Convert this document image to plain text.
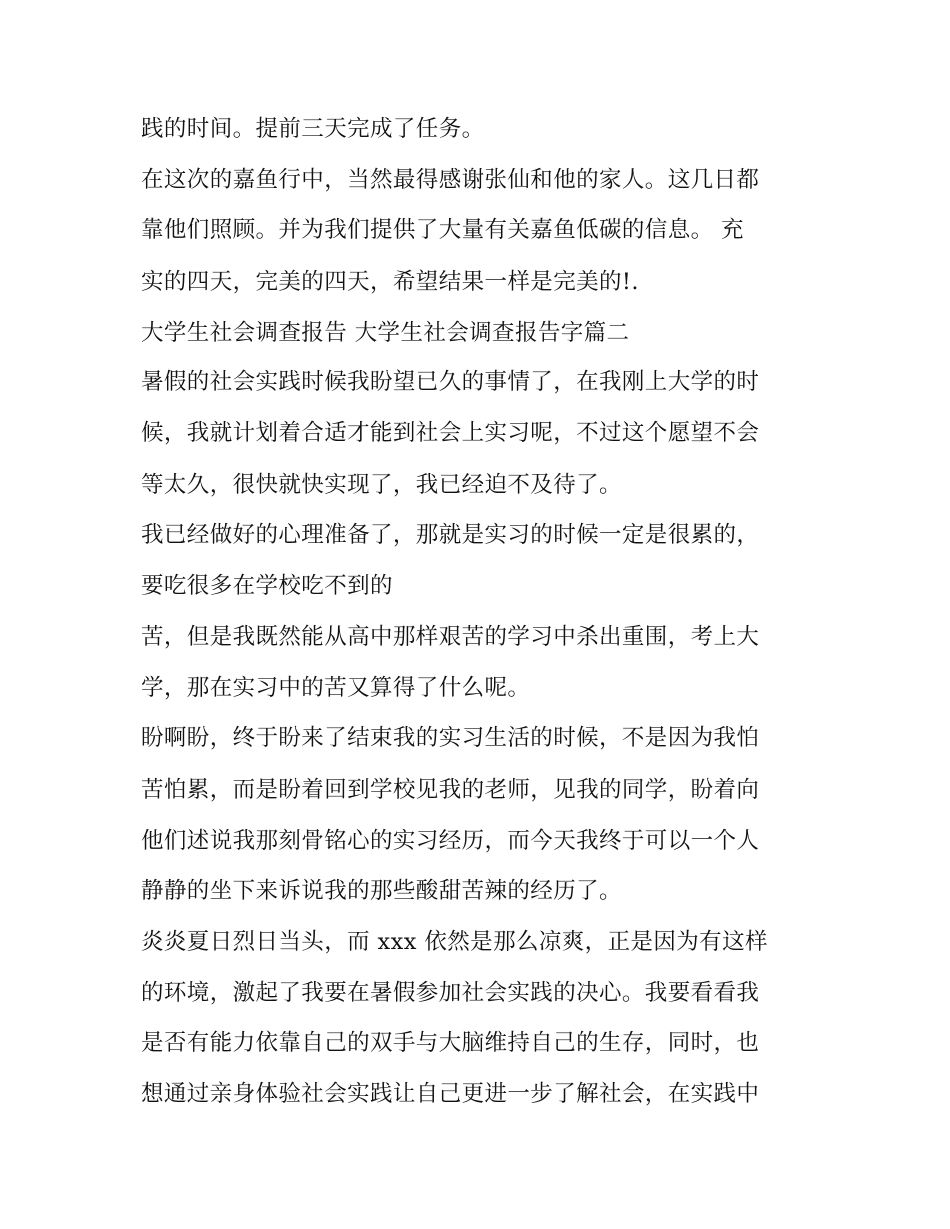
践的时间。提前三天完成了任务。
在这次的嘉鱼行中，当然最得感谢张仙和他的家人。这几日都
靠他们照顾。并为我们提供了大量有关嘉鱼低碳的信息。 充
实的四天，完美的四天，希望结果一样是完美的!.
大学生社会调查报告 大学生社会调查报告字篇二
暑假的社会实践时候我盼望已久的事情了，在我刚上大学的时
候，我就计划着合适才能到社会上实习呢，不过这个愿望不会
等太久，很快就快实现了，我已经迫不及待了。
我已经做好的心理准备了，那就是实习的时候一定是很累的，
要吃很多在学校吃不到的
苦，但是我既然能从高中那样艰苦的学习中杀出重围，考上大
学，那在实习中的苦又算得了什么呢。
盼啊盼，终于盼来了结束我的实习生活的时候，不是因为我怕
苦怕累，而是盼着回到学校见我的老师，见我的同学，盼着向
他们述说我那刻骨铭心的实习经历，而今天我终于可以一个人
静静的坐下来诉说我的那些酸甜苦辣的经历了。
炎炎夏日烈日当头，而 xxx 依然是那么凉爽，正是因为有这样
的环境，激起了我要在暑假参加社会实践的决心。我要看看我
是否有能力依靠自己的双手与大脑维持自己的生存，同时，也
想通过亲身体验社会实践让自己更进一步了解社会，在实践中
